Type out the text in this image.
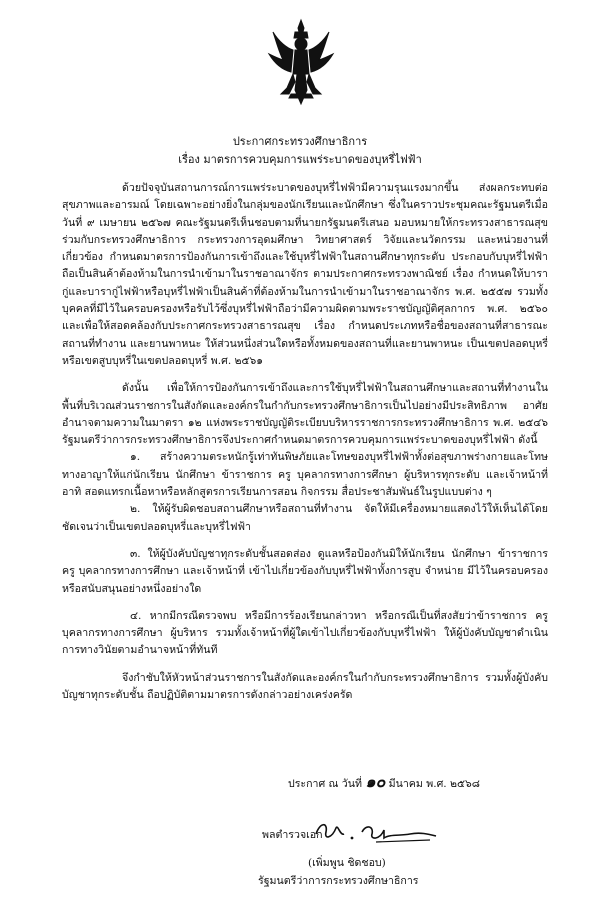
ประกาศกระทรวงศึกษาธิการ
เรื่อง มาตรการควบคุมการแพร่ระบาดของบุหรี่ไฟฟ้า

ด้วยปัจจุบันสถานการณ์การแพร่ระบาดของบุหรี่ไฟฟ้ามีความรุนแรงมากขึ้น ส่งผลกระทบต่อสุขภาพและอารมณ์ โดยเฉพาะอย่างยิ่งในกลุ่มของนักเรียนและนักศึกษา ซึ่งในคราวประชุมคณะรัฐมนตรีเมื่อวันที่ ๙ เมษายน ๒๕๖๗ คณะรัฐมนตรีเห็นชอบตามที่นายกรัฐมนตรีเสนอ มอบหมายให้กระทรวงสาธารณสุขร่วมกับกระทรวงศึกษาธิการ กระทรวงการอุดมศึกษา วิทยาศาสตร์ วิจัยและนวัตกรรม และหน่วยงานที่เกี่ยวข้อง กำหนดมาตรการป้องกันการเข้าถึงและใช้บุหรี่ไฟฟ้าในสถานศึกษาทุกระดับ ประกอบกับบุหรี่ไฟฟ้าถือเป็นสินค้าต้องห้ามในการนำเข้ามาในราชอาณาจักร ตามประกาศกระทรวงพาณิชย์ เรื่อง กำหนดให้บารากู่และบารากู่ไฟฟ้าหรือบุหรี่ไฟฟ้าเป็นสินค้าที่ต้องห้ามในการนำเข้ามาในราชอาณาจักร พ.ศ. ๒๕๕๗ รวมทั้งบุคคลที่มีไว้ในครอบครองหรือรับไว้ซึ่งบุหรี่ไฟฟ้าถือว่ามีความผิดตามพระราชบัญญัติศุลกากร พ.ศ. ๒๕๖๐ และเพื่อให้สอดคล้องกับประกาศกระทรวงสาธารณสุข เรื่อง กำหนดประเภทหรือชื่อของสถานที่สาธารณะ สถานที่ทำงาน และยานพาหนะ ให้ส่วนหนึ่งส่วนใดหรือทั้งหมดของสถานที่และยานพาหนะ เป็นเขตปลอดบุหรี่หรือเขตสูบบุหรี่ในเขตปลอดบุหรี่ พ.ศ. ๒๕๖๑

ดังนั้น เพื่อให้การป้องกันการเข้าถึงและการใช้บุหรี่ไฟฟ้าในสถานศึกษาและสถานที่ทำงานในพื้นที่บริเวณส่วนราชการในสังกัดและองค์กรในกำกับกระทรวงศึกษาธิการเป็นไปอย่างมีประสิทธิภาพ อาศัยอำนาจตามความในมาตรา ๑๒ แห่งพระราชบัญญัติระเบียบบริหารราชการกระทรวงศึกษาธิการ พ.ศ. ๒๕๔๖ รัฐมนตรีว่าการกระทรวงศึกษาธิการจึงประกาศกำหนดมาตรการควบคุมการแพร่ระบาดของบุหรี่ไฟฟ้า ดังนี้

๑. สร้างความตระหนักรู้เท่าทันพิษภัยและโทษของบุหรี่ไฟฟ้าทั้งต่อสุขภาพร่างกายและโทษทางอาญาให้แก่นักเรียน นักศึกษา ข้าราชการ ครู บุคลากรทางการศึกษา ผู้บริหารทุกระดับ และเจ้าหน้าที่ อาทิ สอดแทรกเนื้อหาหรือหลักสูตรการเรียนการสอน กิจกรรม สื่อประชาสัมพันธ์ในรูปแบบต่าง ๆ

๒. ให้ผู้รับผิดชอบสถานศึกษาหรือสถานที่ทำงาน จัดให้มีเครื่องหมายแสดงไว้ให้เห็นได้โดยชัดเจนว่าเป็นเขตปลอดบุหรี่และบุหรี่ไฟฟ้า

๓. ให้ผู้บังคับบัญชาทุกระดับชั้นสอดส่อง ดูแลหรือป้องกันมิให้นักเรียน นักศึกษา ข้าราชการ ครู บุคลากรทางการศึกษา และเจ้าหน้าที่ เข้าไปเกี่ยวข้องกับบุหรี่ไฟฟ้าทั้งการสูบ จำหน่าย มีไว้ในครอบครองหรือสนับสนุนอย่างหนึ่งอย่างใด

๔. หากมีกรณีตรวจพบ หรือมีการร้องเรียนกล่าวหา หรือกรณีเป็นที่สงสัยว่าข้าราชการ ครู บุคลากรทางการศึกษา ผู้บริหาร รวมทั้งเจ้าหน้าที่ผู้ใดเข้าไปเกี่ยวข้องกับบุหรี่ไฟฟ้า ให้ผู้บังคับบัญชาดำเนินการทางวินัยตามอำนาจหน้าที่ทันที

จึงกำชับให้หัวหน้าส่วนราชการในสังกัดและองค์กรในกำกับกระทรวงศึกษาธิการ รวมทั้งผู้บังคับบัญชาทุกระดับชั้น ถือปฏิบัติตามมาตรการดังกล่าวอย่างเคร่งครัด

ประกาศ ณ วันที่ ๑๐ มีนาคม พ.ศ. ๒๕๖๘
พลตำรวจเอก
(เพิ่มพูน ชิดชอบ)
รัฐมนตรีว่าการกระทรวงศึกษาธิการ
